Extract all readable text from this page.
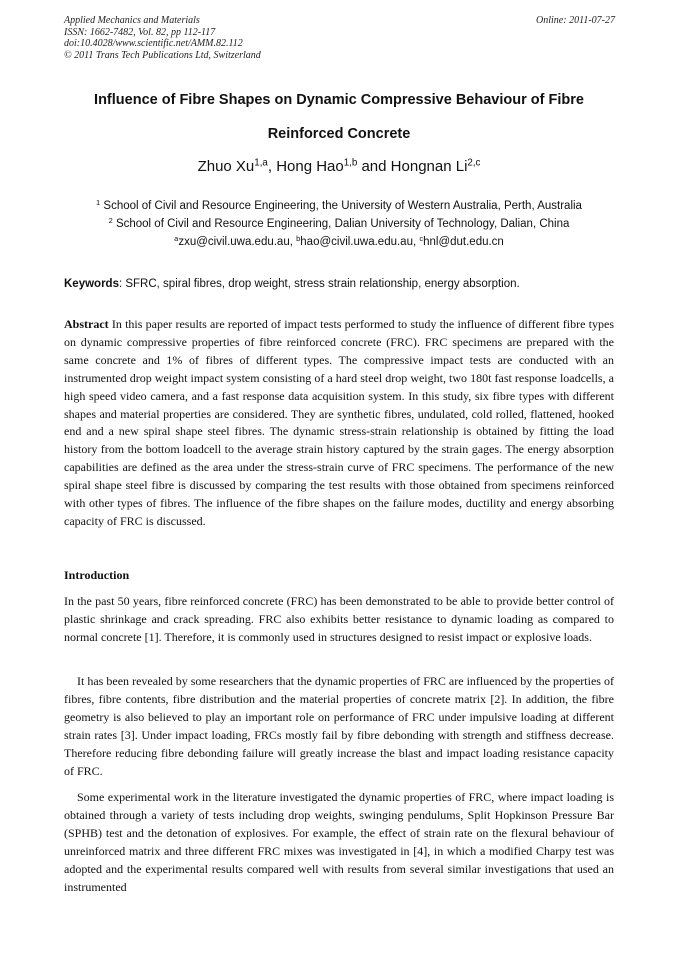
Applied Mechanics and Materials
ISSN: 1662-7482, Vol. 82, pp 112-117
doi:10.4028/www.scientific.net/AMM.82.112
© 2011 Trans Tech Publications Ltd, Switzerland
Online: 2011-07-27
Influence of Fibre Shapes on Dynamic Compressive Behaviour of Fibre
Reinforced Concrete
Zhuo Xu$^{1,a}$, Hong Hao$^{1,b}$ and Hongnan Li$^{2,c}$
$^1$ School of Civil and Resource Engineering, the University of Western Australia, Perth, Australia
$^2$ School of Civil and Resource Engineering, Dalian University of Technology, Dalian, China
$^a$zxu@civil.uwa.edu.au, $^b$hao@civil.uwa.edu.au, $^c$hnl@dut.edu.cn
Keywords: SFRC, spiral fibres, drop weight, stress strain relationship, energy absorption.
Abstract In this paper results are reported of impact tests performed to study the influence of different fibre types on dynamic compressive properties of fibre reinforced concrete (FRC). FRC specimens are prepared with the same concrete and 1% of fibres of different types. The compressive impact tests are conducted with an instrumented drop weight impact system consisting of a hard steel drop weight, two 180t fast response loadcells, a high speed video camera, and a fast response data acquisition system. In this study, six fibre types with different shapes and material properties are considered. They are synthetic fibres, undulated, cold rolled, flattened, hooked end and a new spiral shape steel fibres. The dynamic stress-strain relationship is obtained by fitting the load history from the bottom loadcell to the average strain history captured by the strain gages. The energy absorption capabilities are defined as the area under the stress-strain curve of FRC specimens. The performance of the new spiral shape steel fibre is discussed by comparing the test results with those obtained from specimens reinforced with other types of fibres. The influence of the fibre shapes on the failure modes, ductility and energy absorbing capacity of FRC is discussed.
Introduction
In the past 50 years, fibre reinforced concrete (FRC) has been demonstrated to be able to provide better control of plastic shrinkage and crack spreading. FRC also exhibits better resistance to dynamic loading as compared to normal concrete [1]. Therefore, it is commonly used in structures designed to resist impact or explosive loads.
It has been revealed by some researchers that the dynamic properties of FRC are influenced by the properties of fibres, fibre contents, fibre distribution and the material properties of concrete matrix [2]. In addition, the fibre geometry is also believed to play an important role on performance of FRC under impulsive loading at different strain rates [3]. Under impact loading, FRCs mostly fail by fibre debonding with strength and stiffness decrease. Therefore reducing fibre debonding failure will greatly increase the blast and impact loading resistance capacity of FRC.
Some experimental work in the literature investigated the dynamic properties of FRC, where impact loading is obtained through a variety of tests including drop weights, swinging pendulums, Split Hopkinson Pressure Bar (SPHB) test and the detonation of explosives. For example, the effect of strain rate on the flexural behaviour of unreinforced matrix and three different FRC mixes was investigated in [4], in which a modified Charpy test was adopted and the experimental results compared well with results from several similar investigations that used an instrumented
